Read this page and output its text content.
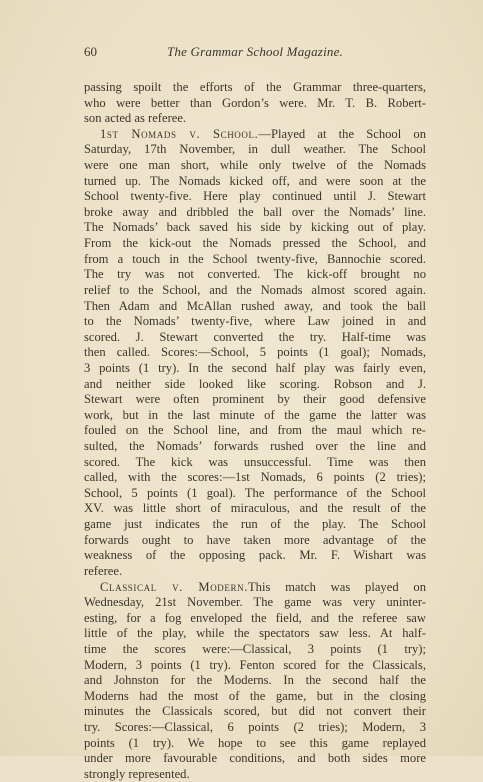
60	The Grammar School Magazine.
passing spoilt the efforts of the Grammar three-quarters,
who were better than Gordon’s were. Mr. T. B. Robert-
son acted as referee.
1st Nomads v. School.—Played at the School on
Saturday, 17th November, in dull weather. The School
were one man short, while only twelve of the Nomads
turned up. The Nomads kicked off, and were soon at the
School twenty-five. Here play continued until J. Stewart
broke away and dribbled the ball over the Nomads’ line.
The Nomads’ back saved his side by kicking out of play.
From the kick-out the Nomads pressed the School, and
from a touch in the School twenty-five, Bannochie scored.
The try was not converted. The kick-off brought no
relief to the School, and the Nomads almost scored again.
Then Adam and McAllan rushed away, and took the ball
to the Nomads’ twenty-five, where Law joined in and
scored. J. Stewart converted the try. Half-time was
then called. Scores:—School, 5 points (1 goal); Nomads,
3 points (1 try). In the second half play was fairly even,
and neither side looked like scoring. Robson and J.
Stewart were often prominent by their good defensive
work, but in the last minute of the game the latter was
fouled on the School line, and from the maul which re-
sulted, the Nomads’ forwards rushed over the line and
scored. The kick was unsuccessful. Time was then
called, with the scores:—1st Nomads, 6 points (2 tries);
School, 5 points (1 goal). The performance of the School
XV. was little short of miraculous, and the result of the
game just indicates the run of the play. The School
forwards ought to have taken more advantage of the
weakness of the opposing pack. Mr. F. Wishart was
referee.
Classical v. Modern.This match was played on
Wednesday, 21st November. The game was very uninter-
esting, for a fog enveloped the field, and the referee saw
little of the play, while the spectators saw less. At half-
time the scores were:—Classical, 3 points (1 try);
Modern, 3 points (1 try). Fenton scored for the Classicals,
and Johnston for the Moderns. In the second half the
Moderns had the most of the game, but in the closing
minutes the Classicals scored, but did not convert their
try. Scores:—Classical, 6 points (2 tries); Modern, 3
points (1 try). We hope to see this game replayed
under more favourable conditions, and both sides more
strongly represented.
